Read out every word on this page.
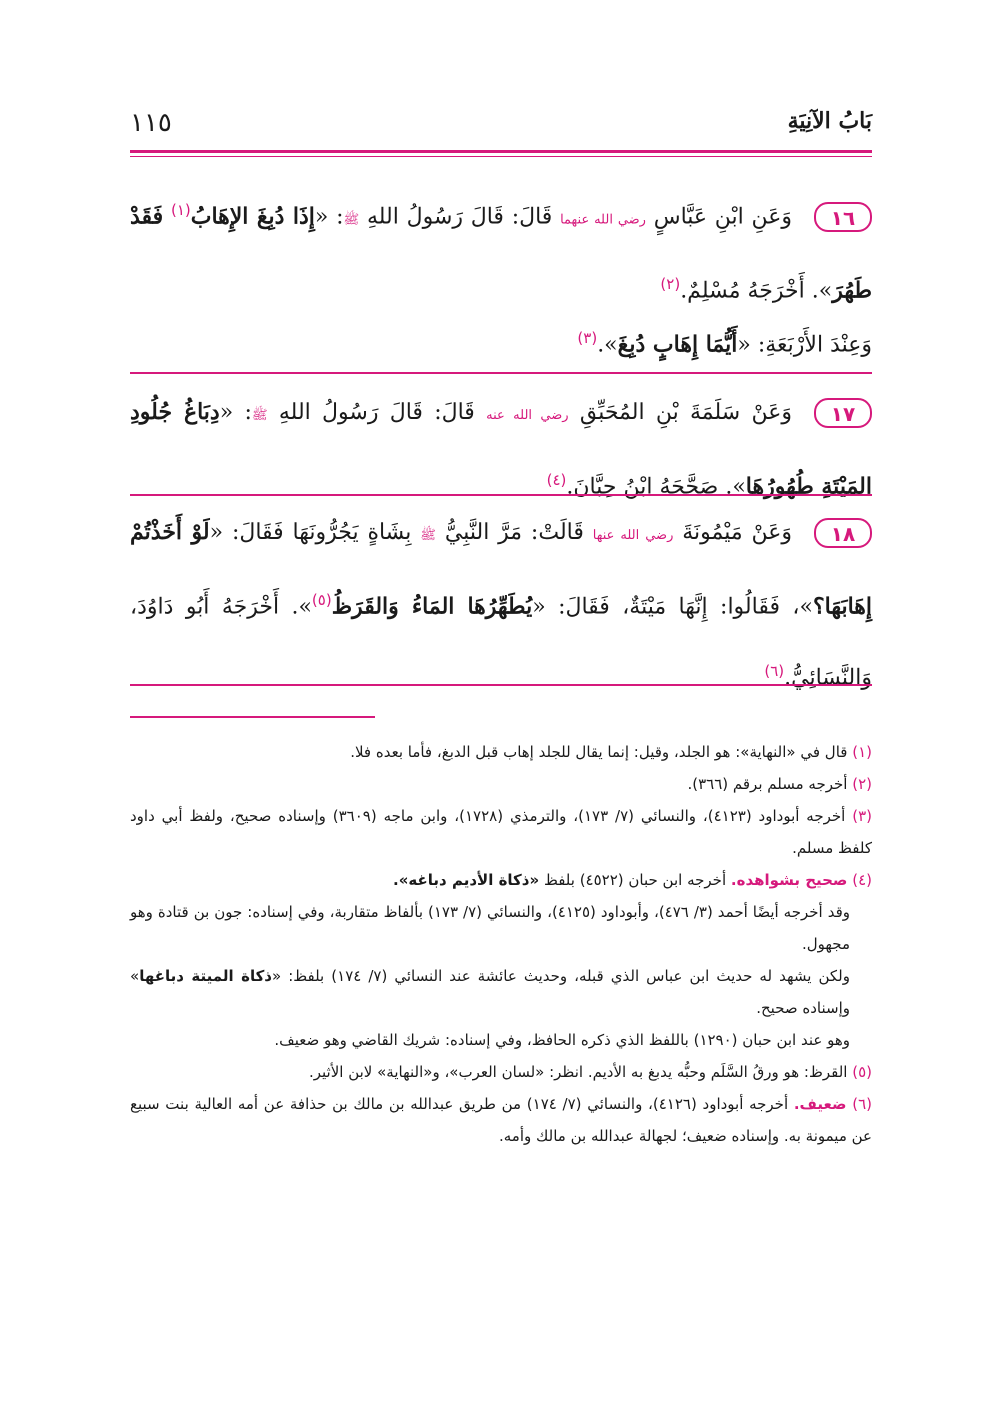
بَابُ الآنِيَةِ
١١٥
١٦وَعَنِ ابْنِ عَبَّاسٍ رضي الله عنهما قَالَ: قَالَ رَسُولُ اللهِ ﷺ: «إِذَا دُبِغَ الإِهَابُ$^{(١)}$ فَقَدْ طَهُرَ». أَخْرَجَهُ مُسْلِمٌ.$^{(٢)}$
وَعِنْدَ الأَرْبَعَةِ: «أَيُّمَا إِهَابٍ دُبِغَ».$^{(٣)}$
١٧وَعَنْ سَلَمَةَ بْنِ المُحَبِّقِ رضي الله عنه قَالَ: قَالَ رَسُولُ اللهِ ﷺ: «دِبَاغُ جُلُودِ المَيْتَةِ طُهُورُهَا». صَحَّحَهُ ابْنُ حِبَّانَ.$^{(٤)}$
١٨وَعَنْ مَيْمُونَةَ رضي الله عنها قَالَتْ: مَرَّ النَّبِيُّ ﷺ بِشَاةٍ يَجُرُّونَهَا فَقَالَ: «لَوْ أَخَذْتُمْ إِهَابَهَا؟»، فَقَالُوا: إِنَّهَا مَيْتَةٌ، فَقَالَ: «يُطَهِّرُهَا المَاءُ وَالقَرَظُ$^{(٥)}$». أَخْرَجَهُ أَبُو دَاوُدَ، وَالنَّسَائِيُّ.$^{(٦)}$

(١) قال في «النهاية»: هو الجلد، وقيل: إنما يقال للجلد إهاب قبل الدبغ، فأما بعده فلا.

(٢) أخرجه مسلم برقم (٣٦٦).

(٣) أخرجه أبوداود (٤١٢٣)، والنسائي (٧/ ١٧٣)، والترمذي (١٧٢٨)، وابن ماجه (٣٦٠٩) وإسناده صحيح، ولفظ أبي داود كلفظ مسلم.

(٤) صحيح بشواهده. أخرجه ابن حبان (٤٥٢٢) بلفظ «ذكاة الأديم دباغه».

وقد أخرجه أيضًا أحمد (٣/ ٤٧٦)، وأبوداود (٤١٢٥)، والنسائي (٧/ ١٧٣) بألفاظ متقاربة، وفي إسناده: جون بن قتادة وهو مجهول.

ولكن يشهد له حديث ابن عباس الذي قبله، وحديث عائشة عند النسائي (٧/ ١٧٤) بلفظ: «ذكاة الميتة دباغها» وإسناده صحيح.

وهو عند ابن حبان (١٢٩٠) باللفظ الذي ذكره الحافظ، وفي إسناده: شريك القاضي وهو ضعيف.

(٥) القرظ: هو ورقُ السَّلَم وحبُّه يدبغ به الأديم. انظر: «لسان العرب»، و«النهاية» لابن الأثير.

(٦) ضعيف. أخرجه أبوداود (٤١٢٦)، والنسائي (٧/ ١٧٤) من طريق عبدالله بن مالك بن حذافة عن أمه العالية بنت سبيع عن ميمونة به. وإسناده ضعيف؛ لجهالة عبدالله بن مالك وأمه.
